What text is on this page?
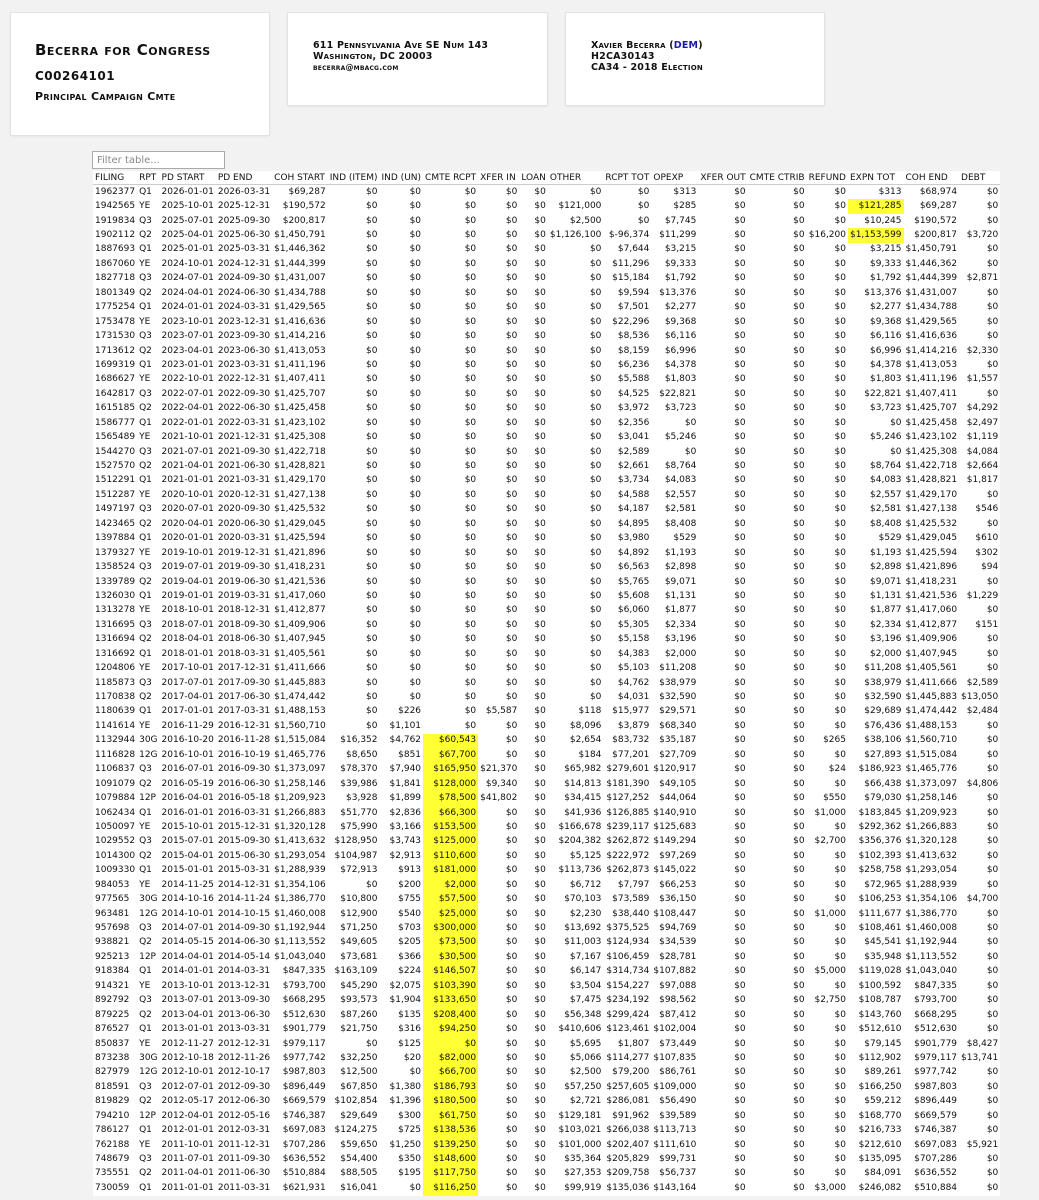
Becerra for Congress
C00264101
Principal Campaign Cmte
611 Pennsylvania Ave SE Num 143
Washington, DC 20003
becerra@mbacg.com
Xavier Becerra (DEM)
H2CA30143
CA34 - 2018 Election
Filter table...
FILING	RPT	PD START	PD END	COH START	IND (ITEM)	IND (UN)	CMTE RCPT	XFER IN	LOAN	OTHER	RCPT TOT	OPEXP	XFER OUT	CMTE CTRIB	REFUND	EXPN TOT	COH END	DEBT
1962377	Q1	2026-01-01	2026-03-31	$69,287	$0	$0	$0	$0	$0	$0	$0	$313	$0	$0	$0	$313	$68,974	$0
1942565	YE	2025-10-01	2025-12-31	$190,572	$0	$0	$0	$0	$0	$121,000	$0	$285	$0	$0	$0	$121,285	$69,287	$0
1919834	Q3	2025-07-01	2025-09-30	$200,817	$0	$0	$0	$0	$0	$2,500	$0	$7,745	$0	$0	$0	$10,245	$190,572	$0
1902112	Q2	2025-04-01	2025-06-30	$1,450,791	$0	$0	$0	$0	$0	$1,126,100	$-96,374	$11,299	$0	$0	$16,200	$1,153,599	$200,817	$3,720
1887693	Q1	2025-01-01	2025-03-31	$1,446,362	$0	$0	$0	$0	$0	$0	$7,644	$3,215	$0	$0	$0	$3,215	$1,450,791	$0
1867060	YE	2024-10-01	2024-12-31	$1,444,399	$0	$0	$0	$0	$0	$0	$11,296	$9,333	$0	$0	$0	$9,333	$1,446,362	$0
1827718	Q3	2024-07-01	2024-09-30	$1,431,007	$0	$0	$0	$0	$0	$0	$15,184	$1,792	$0	$0	$0	$1,792	$1,444,399	$2,871
1801349	Q2	2024-04-01	2024-06-30	$1,434,788	$0	$0	$0	$0	$0	$0	$9,594	$13,376	$0	$0	$0	$13,376	$1,431,007	$0
1775254	Q1	2024-01-01	2024-03-31	$1,429,565	$0	$0	$0	$0	$0	$0	$7,501	$2,277	$0	$0	$0	$2,277	$1,434,788	$0
1753478	YE	2023-10-01	2023-12-31	$1,416,636	$0	$0	$0	$0	$0	$0	$22,296	$9,368	$0	$0	$0	$9,368	$1,429,565	$0
1731530	Q3	2023-07-01	2023-09-30	$1,414,216	$0	$0	$0	$0	$0	$0	$8,536	$6,116	$0	$0	$0	$6,116	$1,416,636	$0
1713612	Q2	2023-04-01	2023-06-30	$1,413,053	$0	$0	$0	$0	$0	$0	$8,159	$6,996	$0	$0	$0	$6,996	$1,414,216	$2,330
1699319	Q1	2023-01-01	2023-03-31	$1,411,196	$0	$0	$0	$0	$0	$0	$6,236	$4,378	$0	$0	$0	$4,378	$1,413,053	$0
1686627	YE	2022-10-01	2022-12-31	$1,407,411	$0	$0	$0	$0	$0	$0	$5,588	$1,803	$0	$0	$0	$1,803	$1,411,196	$1,557
1642817	Q3	2022-07-01	2022-09-30	$1,425,707	$0	$0	$0	$0	$0	$0	$4,525	$22,821	$0	$0	$0	$22,821	$1,407,411	$0
1615185	Q2	2022-04-01	2022-06-30	$1,425,458	$0	$0	$0	$0	$0	$0	$3,972	$3,723	$0	$0	$0	$3,723	$1,425,707	$4,292
1586777	Q1	2022-01-01	2022-03-31	$1,423,102	$0	$0	$0	$0	$0	$0	$2,356	$0	$0	$0	$0	$0	$1,425,458	$2,497
1565489	YE	2021-10-01	2021-12-31	$1,425,308	$0	$0	$0	$0	$0	$0	$3,041	$5,246	$0	$0	$0	$5,246	$1,423,102	$1,119
1544270	Q3	2021-07-01	2021-09-30	$1,422,718	$0	$0	$0	$0	$0	$0	$2,589	$0	$0	$0	$0	$0	$1,425,308	$4,084
1527570	Q2	2021-04-01	2021-06-30	$1,428,821	$0	$0	$0	$0	$0	$0	$2,661	$8,764	$0	$0	$0	$8,764	$1,422,718	$2,664
1512291	Q1	2021-01-01	2021-03-31	$1,429,170	$0	$0	$0	$0	$0	$0	$3,734	$4,083	$0	$0	$0	$4,083	$1,428,821	$1,817
1512287	YE	2020-10-01	2020-12-31	$1,427,138	$0	$0	$0	$0	$0	$0	$4,588	$2,557	$0	$0	$0	$2,557	$1,429,170	$0
1497197	Q3	2020-07-01	2020-09-30	$1,425,532	$0	$0	$0	$0	$0	$0	$4,187	$2,581	$0	$0	$0	$2,581	$1,427,138	$546
1423465	Q2	2020-04-01	2020-06-30	$1,429,045	$0	$0	$0	$0	$0	$0	$4,895	$8,408	$0	$0	$0	$8,408	$1,425,532	$0
1397884	Q1	2020-01-01	2020-03-31	$1,425,594	$0	$0	$0	$0	$0	$0	$3,980	$529	$0	$0	$0	$529	$1,429,045	$610
1379327	YE	2019-10-01	2019-12-31	$1,421,896	$0	$0	$0	$0	$0	$0	$4,892	$1,193	$0	$0	$0	$1,193	$1,425,594	$302
1358524	Q3	2019-07-01	2019-09-30	$1,418,231	$0	$0	$0	$0	$0	$0	$6,563	$2,898	$0	$0	$0	$2,898	$1,421,896	$94
1339789	Q2	2019-04-01	2019-06-30	$1,421,536	$0	$0	$0	$0	$0	$0	$5,765	$9,071	$0	$0	$0	$9,071	$1,418,231	$0
1326030	Q1	2019-01-01	2019-03-31	$1,417,060	$0	$0	$0	$0	$0	$0	$5,608	$1,131	$0	$0	$0	$1,131	$1,421,536	$1,229
1313278	YE	2018-10-01	2018-12-31	$1,412,877	$0	$0	$0	$0	$0	$0	$6,060	$1,877	$0	$0	$0	$1,877	$1,417,060	$0
1316695	Q3	2018-07-01	2018-09-30	$1,409,906	$0	$0	$0	$0	$0	$0	$5,305	$2,334	$0	$0	$0	$2,334	$1,412,877	$151
1316694	Q2	2018-04-01	2018-06-30	$1,407,945	$0	$0	$0	$0	$0	$0	$5,158	$3,196	$0	$0	$0	$3,196	$1,409,906	$0
1316692	Q1	2018-01-01	2018-03-31	$1,405,561	$0	$0	$0	$0	$0	$0	$4,383	$2,000	$0	$0	$0	$2,000	$1,407,945	$0
1204806	YE	2017-10-01	2017-12-31	$1,411,666	$0	$0	$0	$0	$0	$0	$5,103	$11,208	$0	$0	$0	$11,208	$1,405,561	$0
1185873	Q3	2017-07-01	2017-09-30	$1,445,883	$0	$0	$0	$0	$0	$0	$4,762	$38,979	$0	$0	$0	$38,979	$1,411,666	$2,589
1170838	Q2	2017-04-01	2017-06-30	$1,474,442	$0	$0	$0	$0	$0	$0	$4,031	$32,590	$0	$0	$0	$32,590	$1,445,883	$13,050
1180639	Q1	2017-01-01	2017-03-31	$1,488,153	$0	$226	$0	$5,587	$0	$118	$15,977	$29,571	$0	$0	$0	$29,689	$1,474,442	$2,484
1141614	YE	2016-11-29	2016-12-31	$1,560,710	$0	$1,101	$0	$0	$0	$8,096	$3,879	$68,340	$0	$0	$0	$76,436	$1,488,153	$0
1132944	30G	2016-10-20	2016-11-28	$1,515,084	$16,352	$4,762	$60,543	$0	$0	$2,654	$83,732	$35,187	$0	$0	$265	$38,106	$1,560,710	$0
1116828	12G	2016-10-01	2016-10-19	$1,465,776	$8,650	$851	$67,700	$0	$0	$184	$77,201	$27,709	$0	$0	$0	$27,893	$1,515,084	$0
1106837	Q3	2016-07-01	2016-09-30	$1,373,097	$78,370	$7,940	$165,950	$21,370	$0	$65,982	$279,601	$120,917	$0	$0	$24	$186,923	$1,465,776	$0
1091079	Q2	2016-05-19	2016-06-30	$1,258,146	$39,986	$1,841	$128,000	$9,340	$0	$14,813	$181,390	$49,105	$0	$0	$0	$66,438	$1,373,097	$4,806
1079884	12P	2016-04-01	2016-05-18	$1,209,923	$3,928	$1,899	$78,500	$41,802	$0	$34,415	$127,252	$44,064	$0	$0	$550	$79,030	$1,258,146	$0
1062434	Q1	2016-01-01	2016-03-31	$1,266,883	$51,770	$2,836	$66,300	$0	$0	$41,936	$126,885	$140,910	$0	$0	$1,000	$183,845	$1,209,923	$0
1050097	YE	2015-10-01	2015-12-31	$1,320,128	$75,990	$3,166	$153,500	$0	$0	$166,678	$239,117	$125,683	$0	$0	$0	$292,362	$1,266,883	$0
1029552	Q3	2015-07-01	2015-09-30	$1,413,632	$128,950	$3,743	$125,000	$0	$0	$204,382	$262,872	$149,294	$0	$0	$2,700	$356,376	$1,320,128	$0
1014300	Q2	2015-04-01	2015-06-30	$1,293,054	$104,987	$2,913	$110,600	$0	$0	$5,125	$222,972	$97,269	$0	$0	$0	$102,393	$1,413,632	$0
1009330	Q1	2015-01-01	2015-03-31	$1,288,939	$72,913	$913	$181,000	$0	$0	$113,736	$262,873	$145,022	$0	$0	$0	$258,758	$1,293,054	$0
984053	YE	2014-11-25	2014-12-31	$1,354,106	$0	$200	$2,000	$0	$0	$6,712	$7,797	$66,253	$0	$0	$0	$72,965	$1,288,939	$0
977565	30G	2014-10-16	2014-11-24	$1,386,770	$10,800	$755	$57,500	$0	$0	$70,103	$73,589	$36,150	$0	$0	$0	$106,253	$1,354,106	$4,700
963481	12G	2014-10-01	2014-10-15	$1,460,008	$12,900	$540	$25,000	$0	$0	$2,230	$38,440	$108,447	$0	$0	$1,000	$111,677	$1,386,770	$0
957698	Q3	2014-07-01	2014-09-30	$1,192,944	$71,250	$703	$300,000	$0	$0	$13,692	$375,525	$94,769	$0	$0	$0	$108,461	$1,460,008	$0
938821	Q2	2014-05-15	2014-06-30	$1,113,552	$49,605	$205	$73,500	$0	$0	$11,003	$124,934	$34,539	$0	$0	$0	$45,541	$1,192,944	$0
925213	12P	2014-04-01	2014-05-14	$1,043,040	$73,681	$366	$30,500	$0	$0	$7,167	$106,459	$28,781	$0	$0	$0	$35,948	$1,113,552	$0
918384	Q1	2014-01-01	2014-03-31	$847,335	$163,109	$224	$146,507	$0	$0	$6,147	$314,734	$107,882	$0	$0	$5,000	$119,028	$1,043,040	$0
914321	YE	2013-10-01	2013-12-31	$793,700	$45,290	$2,075	$103,390	$0	$0	$3,504	$154,227	$97,088	$0	$0	$0	$100,592	$847,335	$0
892792	Q3	2013-07-01	2013-09-30	$668,295	$93,573	$1,904	$133,650	$0	$0	$7,475	$234,192	$98,562	$0	$0	$2,750	$108,787	$793,700	$0
879225	Q2	2013-04-01	2013-06-30	$512,630	$87,260	$135	$208,400	$0	$0	$56,348	$299,424	$87,412	$0	$0	$0	$143,760	$668,295	$0
876527	Q1	2013-01-01	2013-03-31	$901,779	$21,750	$316	$94,250	$0	$0	$410,606	$123,461	$102,004	$0	$0	$0	$512,610	$512,630	$0
850837	YE	2012-11-27	2012-12-31	$979,117	$0	$125	$0	$0	$0	$5,695	$1,807	$73,449	$0	$0	$0	$79,145	$901,779	$8,427
873238	30G	2012-10-18	2012-11-26	$977,742	$32,250	$20	$82,000	$0	$0	$5,066	$114,277	$107,835	$0	$0	$0	$112,902	$979,117	$13,741
827979	12G	2012-10-01	2012-10-17	$987,803	$12,500	$0	$66,700	$0	$0	$2,500	$79,200	$86,761	$0	$0	$0	$89,261	$977,742	$0
818591	Q3	2012-07-01	2012-09-30	$896,449	$67,850	$1,380	$186,793	$0	$0	$57,250	$257,605	$109,000	$0	$0	$0	$166,250	$987,803	$0
819829	Q2	2012-05-17	2012-06-30	$669,579	$102,854	$1,396	$180,500	$0	$0	$2,721	$286,081	$56,490	$0	$0	$0	$59,212	$896,449	$0
794210	12P	2012-04-01	2012-05-16	$746,387	$29,649	$300	$61,750	$0	$0	$129,181	$91,962	$39,589	$0	$0	$0	$168,770	$669,579	$0
786127	Q1	2012-01-01	2012-03-31	$697,083	$124,275	$725	$138,536	$0	$0	$103,021	$266,038	$113,713	$0	$0	$0	$216,733	$746,387	$0
762188	YE	2011-10-01	2011-12-31	$707,286	$59,650	$1,250	$139,250	$0	$0	$101,000	$202,407	$111,610	$0	$0	$0	$212,610	$697,083	$5,921
748679	Q3	2011-07-01	2011-09-30	$636,552	$54,400	$350	$148,600	$0	$0	$35,364	$205,829	$99,731	$0	$0	$0	$135,095	$707,286	$0
735551	Q2	2011-04-01	2011-06-30	$510,884	$88,505	$195	$117,750	$0	$0	$27,353	$209,758	$56,737	$0	$0	$0	$84,091	$636,552	$0
730059	Q1	2011-01-01	2011-03-31	$621,931	$16,041	$0	$116,250	$0	$0	$99,919	$135,036	$143,164	$0	$0	$3,000	$246,082	$510,884	$0
